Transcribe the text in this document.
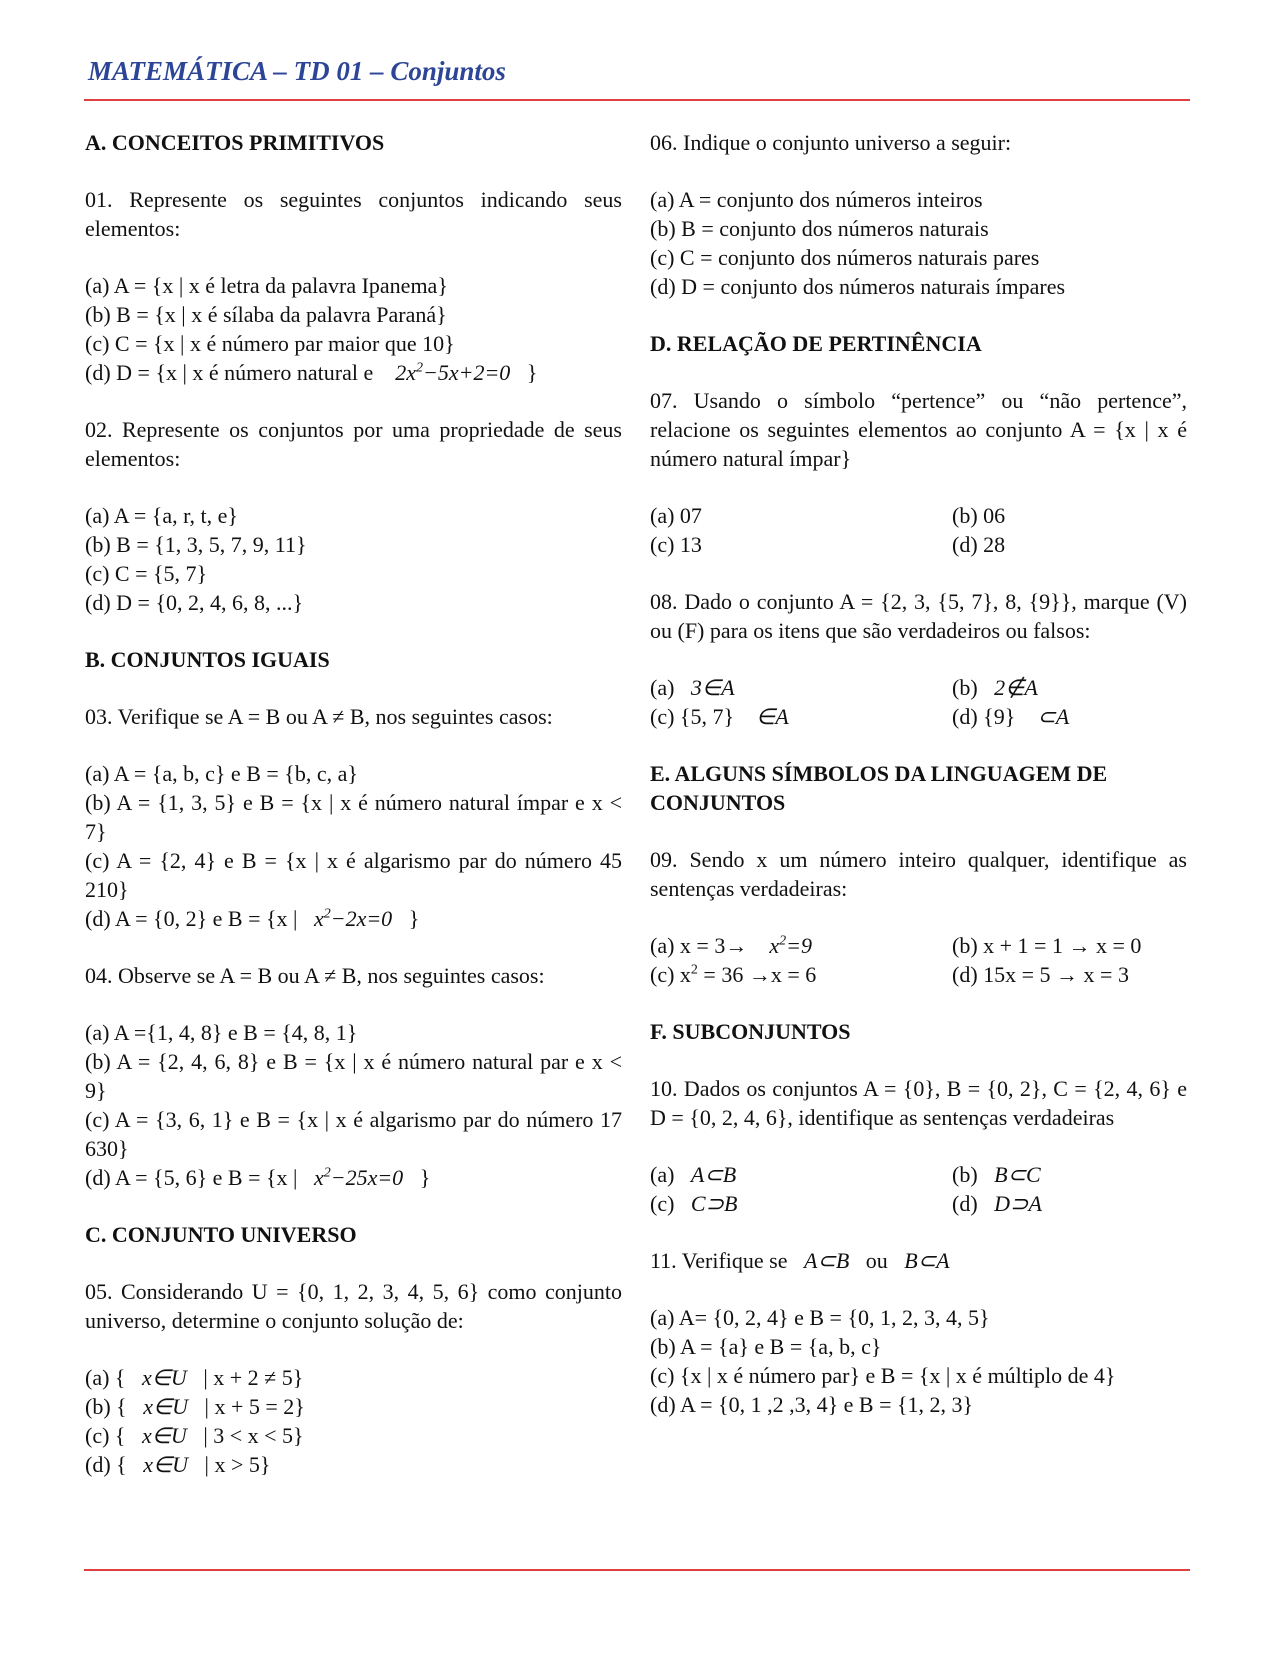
MATEMÁTICA – TD 01 – Conjuntos
A. CONCEITOS PRIMITIVOS
01. Represente os seguintes conjuntos indicando seus elementos:
(a) A = {x | x é letra da palavra Ipanema}
(b) B = {x | x é sílaba da palavra Paraná}
(c) C = {x | x é número par maior que 10}
(d) D = {x | x é número natural e $2x^2-5x+2=0$ }
02. Represente os conjuntos por uma propriedade de seus elementos:
(a) A = {a, r, t, e}
(b) B = {1, 3, 5, 7, 9, 11}
(c) C = {5, 7}
(d) D = {0, 2, 4, 6, 8, ...}
B. CONJUNTOS IGUAIS
03. Verifique se A = B ou A ≠ B, nos seguintes casos:
(a) A = {a, b, c} e B = {b, c, a}
(b) A = {1, 3, 5} e B = {x | x é número natural ímpar e x < 7}
(c) A = {2, 4} e B = {x | x é algarismo par do número 45 210}
(d) A = {0, 2} e B = {x | $x^2-2x=0$ }
04. Observe se A = B ou A ≠ B, nos seguintes casos:
(a) A ={1, 4, 8} e B = {4, 8, 1}
(b) A = {2, 4, 6, 8} e B = {x | x é número natural par e x < 9}
(c) A = {3, 6, 1} e B = {x | x é algarismo par do número 17 630}
(d) A = {5, 6} e B = {x | $x^2-25x=0$ }
C. CONJUNTO UNIVERSO
05. Considerando U = {0, 1, 2, 3, 4, 5, 6} como conjunto universo, determine o conjunto solução de:
(a) { x∈U | x + 2 ≠ 5}
(b) { x∈U | x + 5 = 2}
(c) { x∈U | 3 < x < 5}
(d) { x∈U | x > 5}
06. Indique o conjunto universo a seguir:
(a) A = conjunto dos números inteiros
(b) B = conjunto dos números naturais
(c) C = conjunto dos números naturais pares
(d) D = conjunto dos números naturais ímpares
D. RELAÇÃO DE PERTINÊNCIA
07. Usando o símbolo “pertence” ou “não pertence”, relacione os seguintes elementos ao conjunto A = {x | x é número natural ímpar}
(a) 07	(b) 06
(c) 13	(d) 28
08. Dado o conjunto A = {2, 3, {5, 7}, 8, {9}}, marque (V) ou (F) para os itens que são verdadeiros ou falsos:
(a) 3∈A	(b) 2∉A
(c) {5, 7} ∈A	(d) {9} ⊂A
E. ALGUNS SÍMBOLOS DA LINGUAGEM DE CONJUNTOS
09. Sendo x um número inteiro qualquer, identifique as sentenças verdadeiras:
(a) $x = 3\to x^2=9$	(b) x + 1 = 1 → x = 0
(c) $x^2 = 36 \to x = 6$	(d) 15x = 5 → x = 3
F. SUBCONJUNTOS
10. Dados os conjuntos A = {0}, B = {0, 2}, C = {2, 4, 6} e D = {0, 2, 4, 6}, identifique as sentenças verdadeiras
(a) A⊂B	(b) B⊂C
(c) C⊃B	(d) D⊃A
11. Verifique se A⊂B ou B⊂A
(a) A= {0, 2, 4} e B = {0, 1, 2, 3, 4, 5}
(b) A = {a} e B = {a, b, c}
(c) {x | x é número par} e B = {x | x é múltiplo de 4}
(d) A = {0, 1 ,2 ,3, 4} e B = {1, 2, 3}
